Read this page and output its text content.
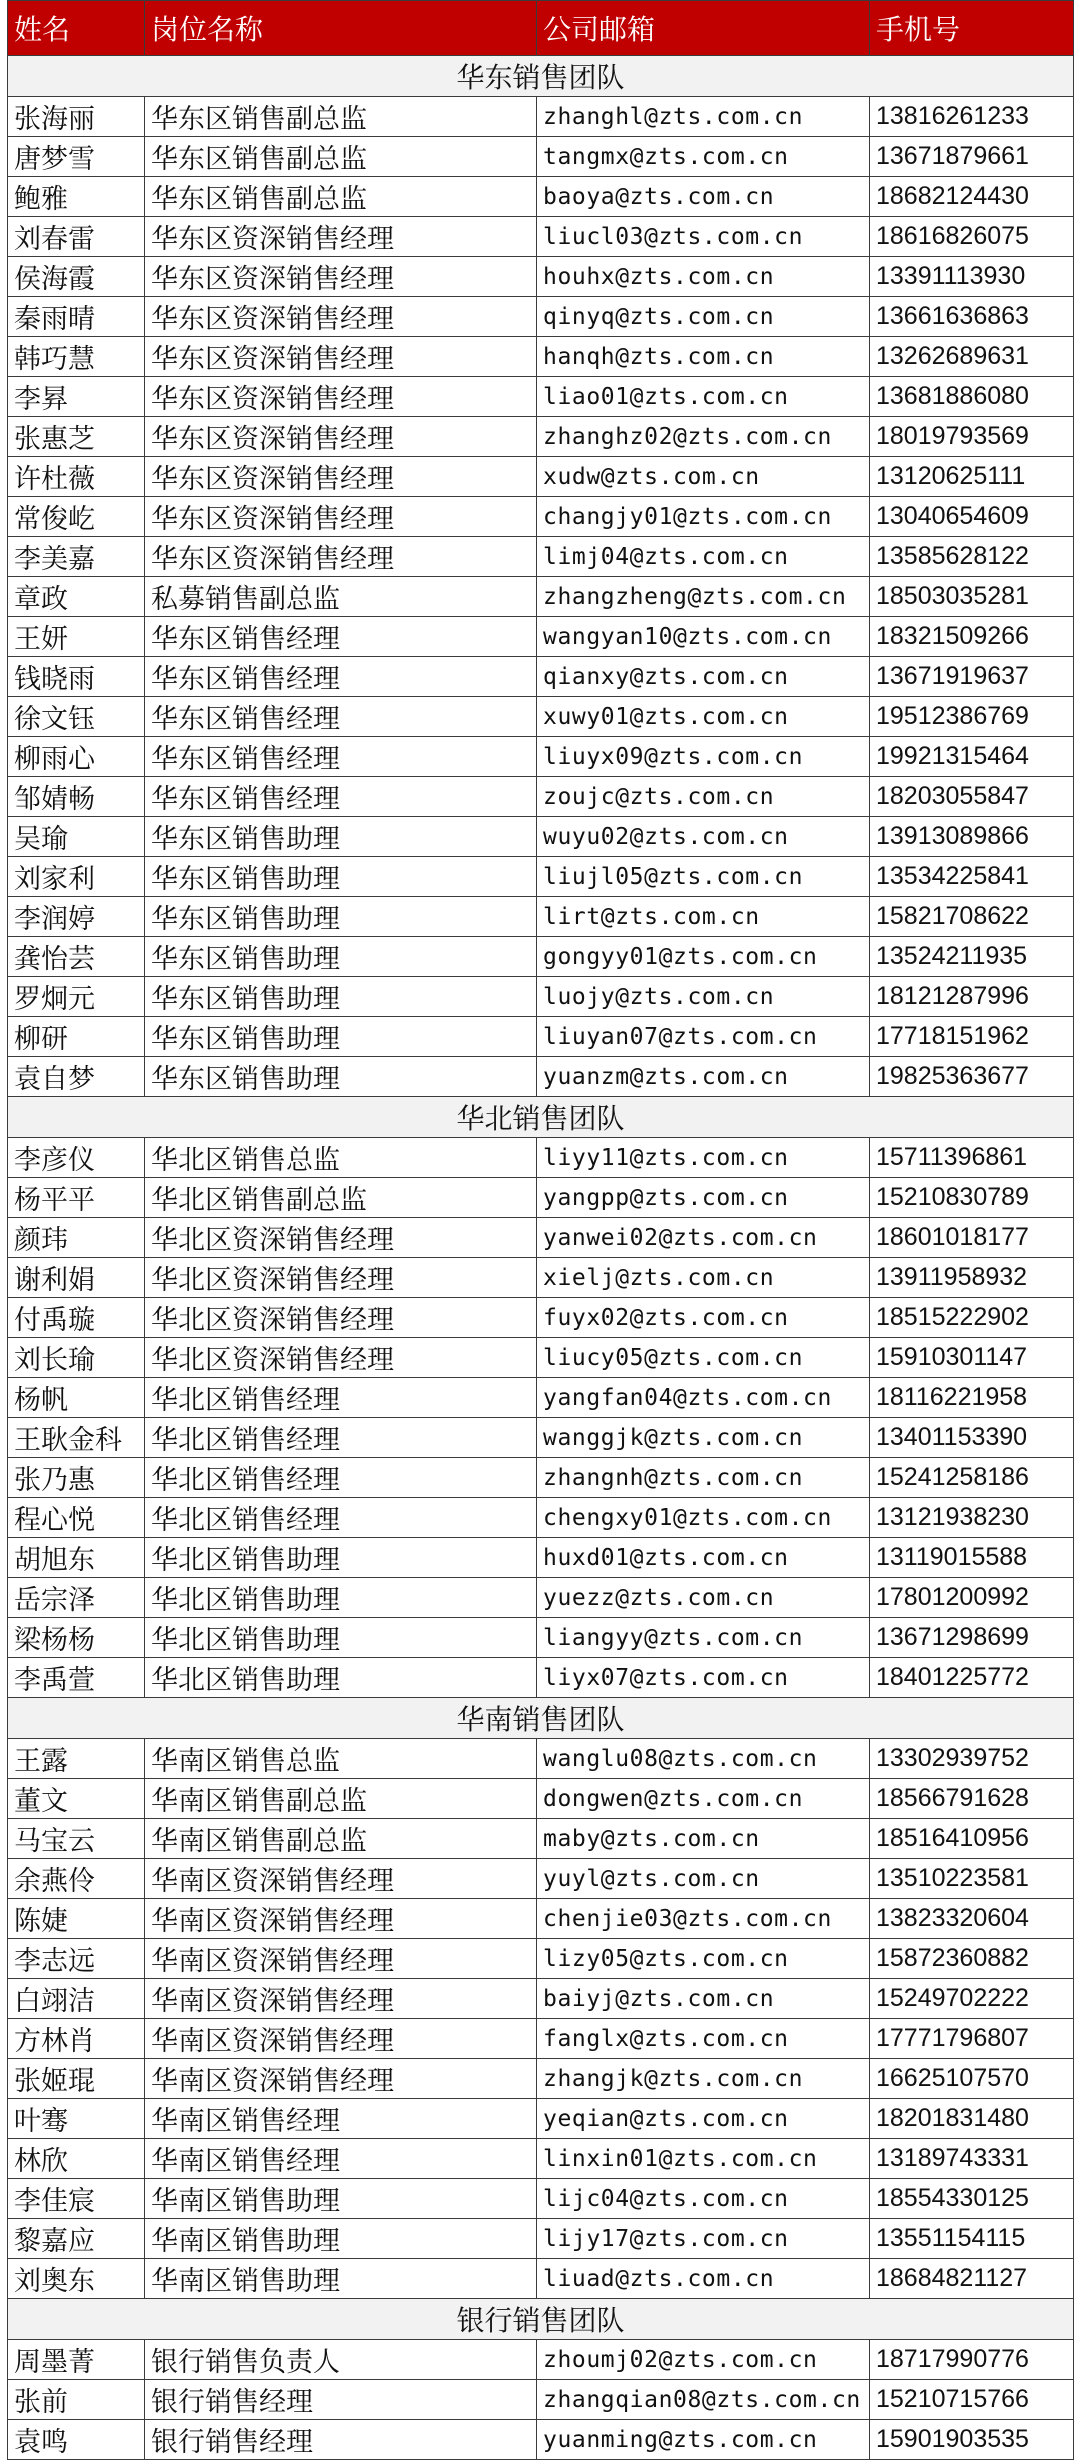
姓名	岗位名称	公司邮箱	手机号
华东销售团队			
张海丽	华东区销售副总监	zhanghl@zts.com.cn	13816261233
唐梦雪	华东区销售副总监	tangmx@zts.com.cn	13671879661
鲍雅	华东区销售副总监	baoya@zts.com.cn	18682124430
刘春雷	华东区资深销售经理	liucl03@zts.com.cn	18616826075
侯海霞	华东区资深销售经理	houhx@zts.com.cn	13391113930
秦雨晴	华东区资深销售经理	qinyq@zts.com.cn	13661636863
韩巧慧	华东区资深销售经理	hanqh@zts.com.cn	13262689631
李昪	华东区资深销售经理	liao01@zts.com.cn	13681886080
张惠芝	华东区资深销售经理	zhanghz02@zts.com.cn	18019793569
许杜薇	华东区资深销售经理	xudw@zts.com.cn	13120625111
常俊屹	华东区资深销售经理	changjy01@zts.com.cn	13040654609
李美嘉	华东区资深销售经理	limj04@zts.com.cn	13585628122
章政	私募销售副总监	zhangzheng@zts.com.cn	18503035281
王妍	华东区销售经理	wangyan10@zts.com.cn	18321509266
钱晓雨	华东区销售经理	qianxy@zts.com.cn	13671919637
徐文钰	华东区销售经理	xuwy01@zts.com.cn	19512386769
柳雨心	华东区销售经理	liuyx09@zts.com.cn	19921315464
邹婧畅	华东区销售经理	zoujc@zts.com.cn	18203055847
吴瑜	华东区销售助理	wuyu02@zts.com.cn	13913089866
刘家利	华东区销售助理	liujl05@zts.com.cn	13534225841
李润婷	华东区销售助理	lirt@zts.com.cn	15821708622
龚怡芸	华东区销售助理	gongyy01@zts.com.cn	13524211935
罗炯元	华东区销售助理	luojy@zts.com.cn	18121287996
柳研	华东区销售助理	liuyan07@zts.com.cn	17718151962
袁自梦	华东区销售助理	yuanzm@zts.com.cn	19825363677
华北销售团队			
李彦仪	华北区销售总监	liyy11@zts.com.cn	15711396861
杨平平	华北区销售副总监	yangpp@zts.com.cn	15210830789
颜玮	华北区资深销售经理	yanwei02@zts.com.cn	18601018177
谢利娟	华北区资深销售经理	xielj@zts.com.cn	13911958932
付禹璇	华北区资深销售经理	fuyx02@zts.com.cn	18515222902
刘长瑜	华北区资深销售经理	liucy05@zts.com.cn	15910301147
杨帆	华北区销售经理	yangfan04@zts.com.cn	18116221958
王耿金科	华北区销售经理	wanggjk@zts.com.cn	13401153390
张乃惠	华北区销售经理	zhangnh@zts.com.cn	15241258186
程心悦	华北区销售经理	chengxy01@zts.com.cn	13121938230
胡旭东	华北区销售助理	huxd01@zts.com.cn	13119015588
岳宗泽	华北区销售助理	yuezz@zts.com.cn	17801200992
梁杨杨	华北区销售助理	liangyy@zts.com.cn	13671298699
李禹萱	华北区销售助理	liyx07@zts.com.cn	18401225772
华南销售团队			
王露	华南区销售总监	wanglu08@zts.com.cn	13302939752
董文	华南区销售副总监	dongwen@zts.com.cn	18566791628
马宝云	华南区销售副总监	maby@zts.com.cn	18516410956
余燕伶	华南区资深销售经理	yuyl@zts.com.cn	13510223581
陈婕	华南区资深销售经理	chenjie03@zts.com.cn	13823320604
李志远	华南区资深销售经理	lizy05@zts.com.cn	15872360882
白翊洁	华南区资深销售经理	baiyj@zts.com.cn	15249702222
方林肖	华南区资深销售经理	fanglx@zts.com.cn	17771796807
张姬琨	华南区资深销售经理	zhangjk@zts.com.cn	16625107570
叶骞	华南区销售经理	yeqian@zts.com.cn	18201831480
林欣	华南区销售经理	linxin01@zts.com.cn	13189743331
李佳宸	华南区销售助理	lijc04@zts.com.cn	18554330125
黎嘉应	华南区销售助理	lijy17@zts.com.cn	13551154115
刘奥东	华南区销售助理	liuad@zts.com.cn	18684821127
银行销售团队			
周墨菁	银行销售负责人	zhoumj02@zts.com.cn	18717990776
张前	银行销售经理	zhangqian08@zts.com.cn	15210715766
袁鸣	银行销售经理	yuanming@zts.com.cn	15901903535
